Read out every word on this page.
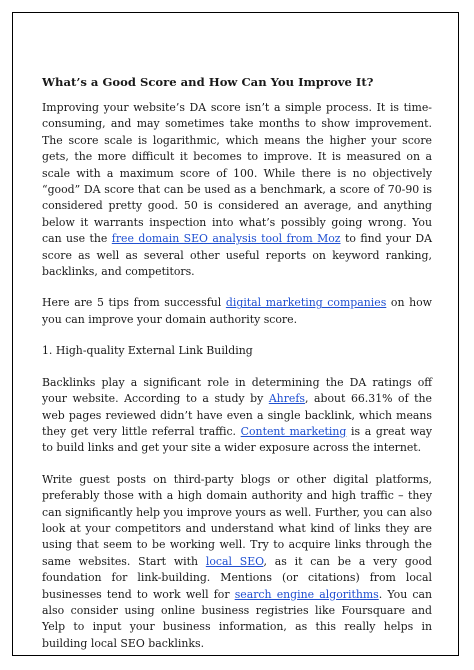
What’s a Good Score and How Can You Improve It?

Improving your website’s DA score isn’t a simple process. It is time-consuming, and may sometimes take months to show improvement. The score scale is logarithmic, which means the higher your score gets, the more difficult it becomes to improve. It is measured on a scale with a maximum score of 100. While there is no objectively “good” DA score that can be used as a benchmark, a score of 70-90 is considered pretty good. 50 is considered an average, and anything below it warrants inspection into what’s possibly going wrong. You can use the free domain SEO analysis tool from Moz to find your DA score as well as several other useful reports on keyword ranking, backlinks, and competitors.

Here are 5 tips from successful digital marketing companies on how you can improve your domain authority score.

1. High-quality External Link Building

Backlinks play a significant role in determining the DA ratings off your website. According to a study by Ahrefs, about 66.31% of the web pages reviewed didn’t have even a single backlink, which means they get very little referral traffic. Content marketing is a great way to build links and get your site a wider exposure across the internet.

Write guest posts on third-party blogs or other digital platforms, preferably those with a high domain authority and high traffic – they can significantly help you improve yours as well. Further, you can also look at your competitors and understand what kind of links they are using that seem to be working well. Try to acquire links through the same websites. Start with local SEO, as it can be a very good foundation for link-building. Mentions (or citations) from local businesses tend to work well for search engine algorithms. You can also consider using online business registries like Foursquare and Yelp to input your business information, as this really helps in building local SEO backlinks.
